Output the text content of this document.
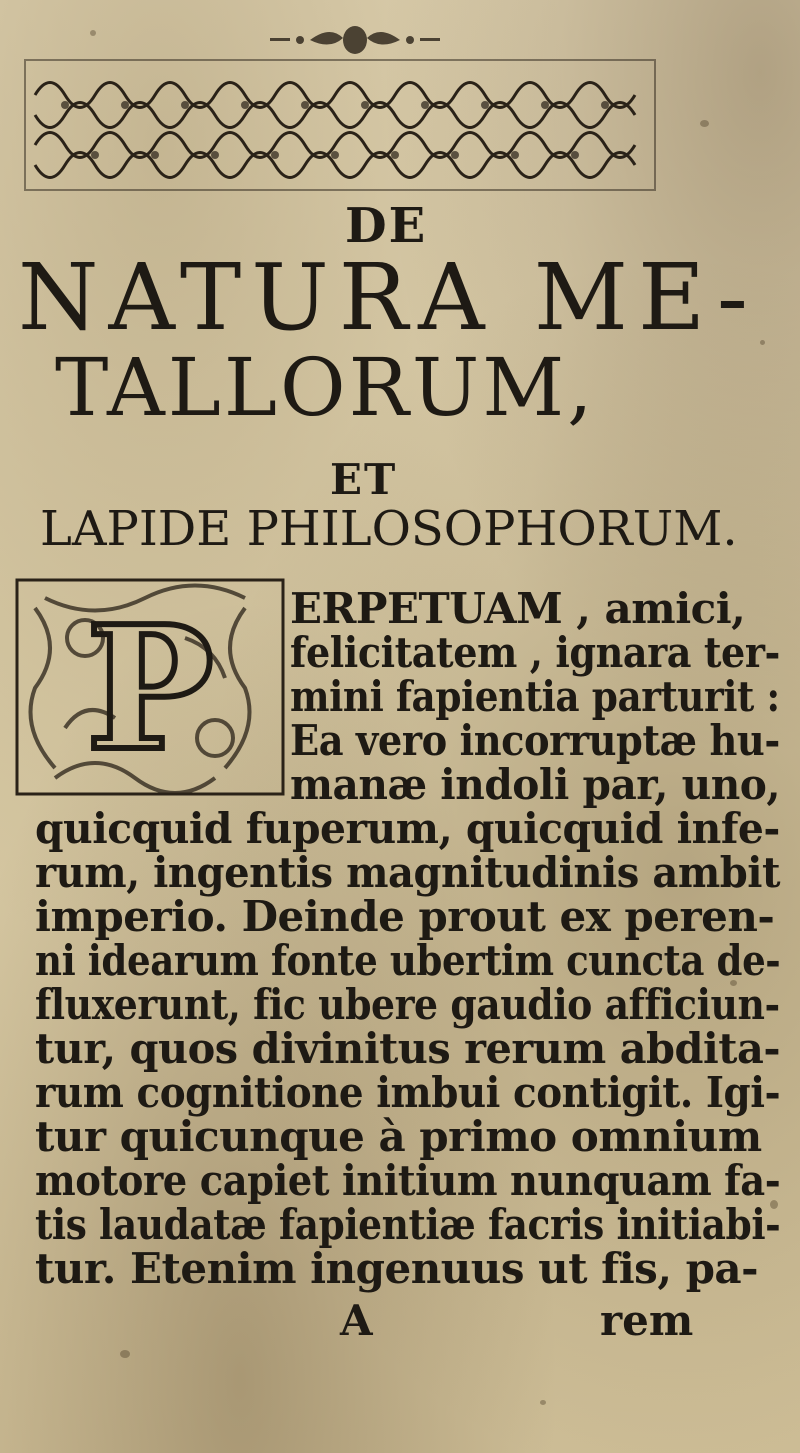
DE

NATURA ME-

TALLORUM,

ET

LAPIDE PHILOSOPHORUM.

P ERPETUAM , amici,

felicitatem , ignara ter-

mini fapientia parturit :

Ea vero incorruptæ hu-

manæ indoli par, uno,

quicquid fuperum, quicquid infe-

rum, ingentis magnitudinis ambit

imperio. Deinde prout ex peren-

ni idearum fonte ubertim cuncta de-

fluxerunt, fic ubere gaudio afficiun-

tur, quos divinitus rerum abdita-

rum cognitione imbui contigit. Igi-

tur quicunque à primo omnium

motore capiet initium nunquam fa-

tis laudatæ fapientiæ facris initiabi-

tur. Etenim ingenuus ut fis, pa-

A	rem
